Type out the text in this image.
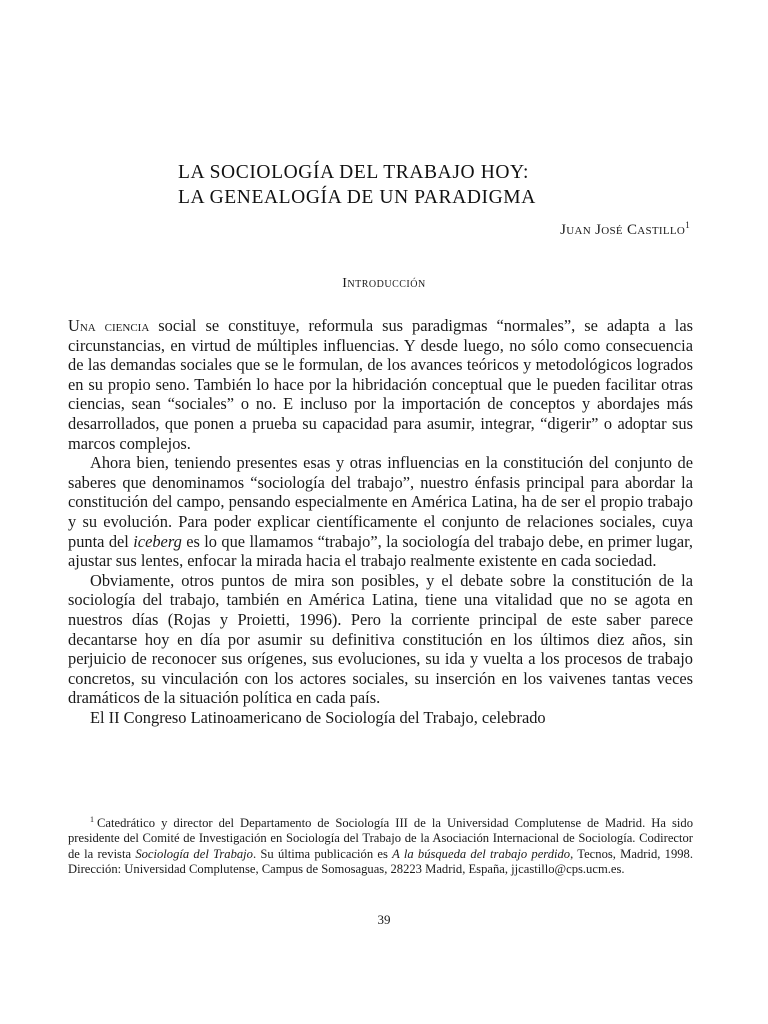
LA SOCIOLOGÍA DEL TRABAJO HOY:
LA GENEALOGÍA DE UN PARADIGMA
Juan José Castillo$^1$
Introducción

Una ciencia social se constituye, reformula sus paradigmas “normales”, se adapta a las circunstancias, en virtud de múltiples influencias. Y desde luego, no sólo como consecuencia de las demandas sociales que se le formulan, de los avances teóricos y metodológicos logrados en su propio seno. También lo hace por la hibridación conceptual que le pueden facilitar otras ciencias, sean “sociales” o no. E incluso por la importación de conceptos y abordajes más desarrollados, que ponen a prueba su capacidad para asumir, integrar, “digerir” o adoptar sus marcos complejos.

Ahora bien, teniendo presentes esas y otras influencias en la constitución del conjunto de saberes que denominamos “sociología del trabajo”, nuestro énfasis principal para abordar la constitución del campo, pensando especialmente en América Latina, ha de ser el propio trabajo y su evolución. Para poder explicar científicamente el conjunto de relaciones sociales, cuya punta del iceberg es lo que llamamos “trabajo”, la sociología del trabajo debe, en primer lugar, ajustar sus lentes, enfocar la mirada hacia el trabajo realmente existente en cada sociedad.

Obviamente, otros puntos de mira son posibles, y el debate sobre la constitución de la sociología del trabajo, también en América Latina, tiene una vitalidad que no se agota en nuestros días (Rojas y Proietti, 1996). Pero la corriente principal de este saber parece decantarse hoy en día por asumir su definitiva constitución en los últimos diez años, sin perjuicio de reconocer sus orígenes, sus evoluciones, su ida y vuelta a los procesos de trabajo concretos, su vinculación con los actores sociales, su inserción en los vaivenes tantas veces dramáticos de la situación política en cada país.

El II Congreso Latinoamericano de Sociología del Trabajo, celebrado

$^1$ Catedrático y director del Departamento de Sociología III de la Universidad Complutense de Madrid. Ha sido presidente del Comité de Investigación en Sociología del Trabajo de la Asociación Internacional de Sociología. Codirector de la revista Sociología del Trabajo. Su última publicación es A la búsqueda del trabajo perdido, Tecnos, Madrid, 1998. Dirección: Universidad Complutense, Campus de Somosaguas, 28223 Madrid, España, jjcastillo@cps.ucm.es.
39
